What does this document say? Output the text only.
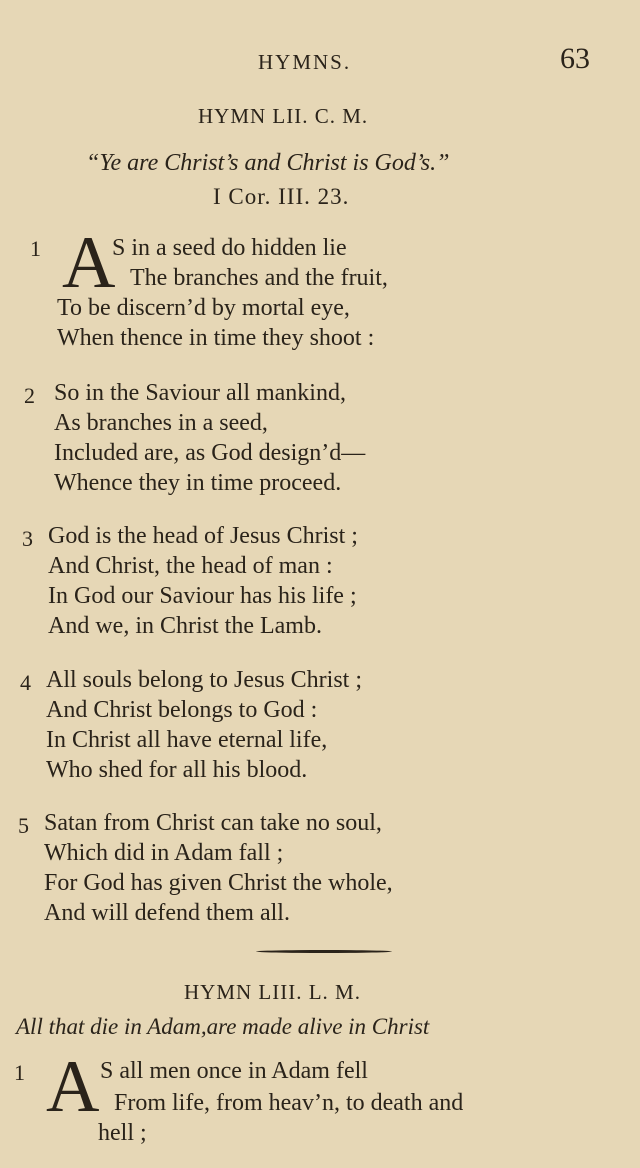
HYMNS.	63
HYMN LII. C. M.
“Ye are Christ’s and Christ is God’s.”
I Cor. III. 23.
1 A
S in a seed do hidden lie
The branches and the fruit,
To be discern’d by mortal eye,
When thence in time they shoot :
2 So in the Saviour all mankind,
As branches in a seed,
Included are, as God design’d—
Whence they in time proceed.
3 God is the head of Jesus Christ ;
And Christ, the head of man :
In God our Saviour has his life ;
And we, in Christ the Lamb.
4 All souls belong to Jesus Christ ;
And Christ belongs to God :
In Christ all have eternal life,
Who shed for all his blood.
5 Satan from Christ can take no soul,
Which did in Adam fall ;
For God has given Christ the whole,
And will defend them all.
HYMN LIII. L. M.
All that die in Adam,are made alive in Christ
1 A S all men once in Adam fell
From life, from heav’n, to death and
hell ;
